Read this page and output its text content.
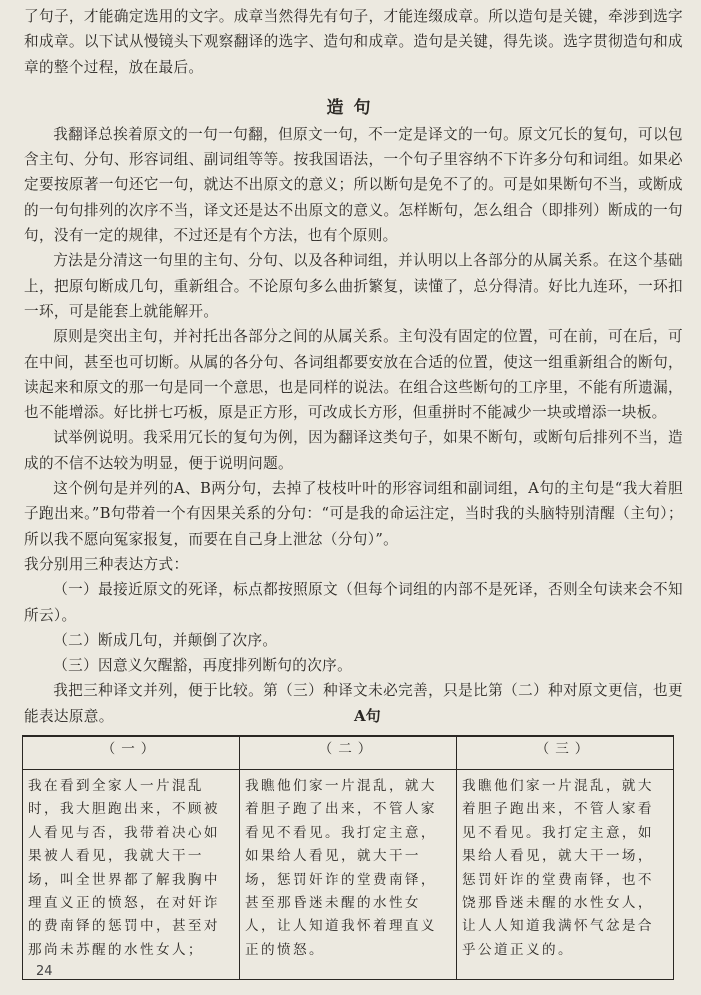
了句子，才能确定选用的文字。成章当然得先有句子，才能连缀成章。所以造句是关键，牵涉到选字和成章。以下试从慢镜头下观察翻译的选字、造句和成章。造句是关键，得先谈。选字贯彻造句和成章的整个过程，放在最后。

造句

我翻译总挨着原文的一句一句翻，但原文一句，不一定是译文的一句。原文冗长的复句，可以包含主句、分句、形容词组、副词组等等。按我国语法，一个句子里容纳不下许多分句和词组。如果必定要按原著一句还它一句，就达不出原文的意义；所以断句是免不了的。可是如果断句不当，或断成的一句句排列的次序不当，译文还是达不出原文的意义。怎样断句，怎么组合（即排列）断成的一句句，没有一定的规律，不过还是有个方法，也有个原则。

方法是分清这一句里的主句、分句、以及各种词组，并认明以上各部分的从属关系。在这个基础上，把原句断成几句，重新组合。不论原句多么曲折繁复，读懂了，总分得清。好比九连环，一环扣一环，可是能套上就能解开。

原则是突出主句，并衬托出各部分之间的从属关系。主句没有固定的位置，可在前，可在后，可在中间，甚至也可切断。从属的各分句、各词组都要安放在合适的位置，使这一组重新组合的断句，读起来和原文的那一句是同一个意思，也是同样的说法。在组合这些断句的工序里，不能有所遗漏，也不能增添。好比拼七巧板，原是正方形，可改成长方形，但重拼时不能减少一块或增添一块板。

试举例说明。我采用冗长的复句为例，因为翻译这类句子，如果不断句，或断句后排列不当，造成的不信不达较为明显，便于说明问题。

这个例句是并列的A、B两分句，去掉了枝枝叶叶的形容词组和副词组，A句的主句是“我大着胆子跑出来。”B句带着一个有因果关系的分句：“可是我的命运注定，当时我的头脑特别清醒（主句）；所以我不愿向冤家报复，而要在自己身上泄忿（分句）”。

我分别用三种表达方式：

（一）最接近原文的死译，标点都按照原文（但每个词组的内部不是死译，否则全句读来会不知所云）。

（二）断成几句，并颠倒了次序。

（三）因意义欠醒豁，再度排列断句的次序。

我把三种译文并列，便于比较。第（三）种译文未必完善，只是比第（二）种对原文更信，也更能表达原意。	A句
（一）	（二）	（三）
我在看到全家人一片混乱时，我大胆跑出来，不顾被人看见与否，我带着决心如果被人看见，我就大干一场，叫全世界都了解我胸中理直义正的愤怒，在对奸诈的费南铎的惩罚中，甚至对那尚未苏醒的水性女人；	我瞧他们家一片混乱，就大着胆子跑了出来，不管人家看见不看见。我打定主意，如果给人看见，就大干一场，惩罚奸诈的堂费南铎，甚至那昏迷未醒的水性女人，让人知道我怀着理直义正的愤怒。	我瞧他们家一片混乱，就大着胆子跑出来，不管人家看见不看见。我打定主意，如果给人看见，就大干一场，惩罚奸诈的堂费南铎，也不饶那昏迷未醒的水性女人，让人人知道我满怀气忿是合乎公道正义的。
24
